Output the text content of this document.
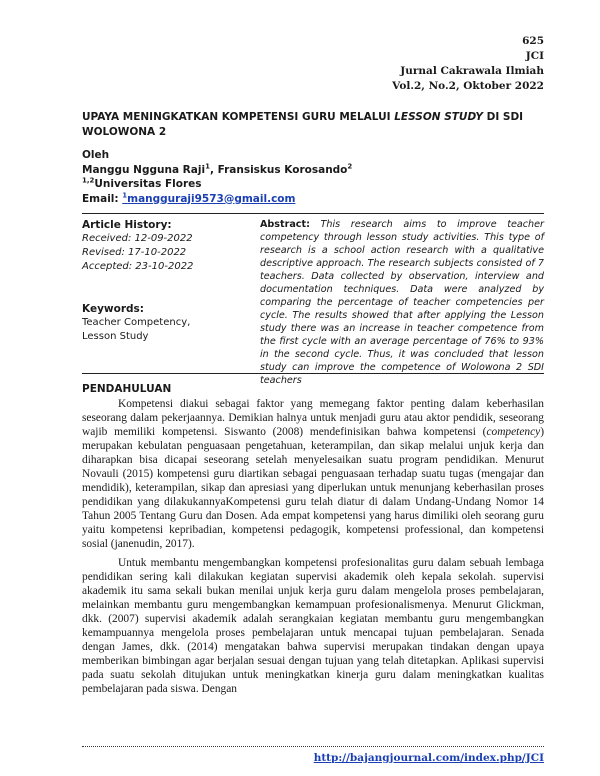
625
JCI
Jurnal Cakrawala Ilmiah
Vol.2, No.2, Oktober 2022
UPAYA MENINGKATKAN KOMPETENSI GURU MELALUI LESSON STUDY DI SDI WOLOWONA 2
Oleh
Manggu Ngguna Raji$^1$, Fransiskus Korosando$^2$
$^{1,2}$Universitas Flores
Email: $^1$mangguraji9573@gmail.com
Article History:
Received: 12-09-2022
Revised: 17-10-2022
Accepted: 23-10-2022
Keywords:
Teacher Competency,
Lesson Study
Abstract: This research aims to improve teacher competency through lesson study activities. This type of research is a school action research with a qualitative descriptive approach. The research subjects consisted of 7 teachers. Data collected by observation, interview and documentation techniques. Data were analyzed by comparing the percentage of teacher competencies per cycle. The results showed that after applying the Lesson study there was an increase in teacher competence from the first cycle with an average percentage of 76% to 93% in the second cycle. Thus, it was concluded that lesson study can improve the competence of Wolowona 2 SDI teachers
PENDAHULUAN

Kompetensi diakui sebagai faktor yang memegang faktor penting dalam keberhasilan seseorang dalam pekerjaannya. Demikian halnya untuk menjadi guru atau aktor pendidik, seseorang wajib memiliki kompetensi. Siswanto (2008) mendefinisikan bahwa kompetensi (competency) merupakan kebulatan penguasaan pengetahuan, keterampilan, dan sikap melalui unjuk kerja dan diharapkan bisa dicapai seseorang setelah menyelesaikan suatu program pendidikan. Menurut Novauli (2015) kompetensi guru diartikan sebagai penguasaan terhadap suatu tugas (mengajar dan mendidik), keterampilan, sikap dan apresiasi yang diperlukan untuk menunjang keberhasilan proses pendidikan yang dilakukannyaKompetensi guru telah diatur di dalam Undang-Undang Nomor 14 Tahun 2005 Tentang Guru dan Dosen. Ada empat kompetensi yang harus dimiliki oleh seorang guru yaitu kompetensi kepribadian, kompetensi pedagogik, kompetensi professional, dan kompetensi sosial (janenudin, 2017).

Untuk membantu mengembangkan kompetensi profesionalitas guru dalam sebuah lembaga pendidikan sering kali dilakukan kegiatan supervisi akademik oleh kepala sekolah. supervisi akademik itu sama sekali bukan menilai unjuk kerja guru dalam mengelola proses pembelajaran, melainkan membantu guru mengembangkan kemampuan profesionalismenya. Menurut Glickman, dkk. (2007) supervisi akademik adalah serangkaian kegiatan membantu guru mengembangkan kemampuannya mengelola proses pembelajaran untuk mencapai tujuan pembelajaran. Senada dengan James, dkk. (2014) mengatakan bahwa supervisi merupakan tindakan dengan upaya memberikan bimbingan agar berjalan sesuai dengan tujuan yang telah ditetapkan. Aplikasi supervisi pada suatu sekolah ditujukan untuk meningkatkan kinerja guru dalam meningkatkan kualitas pembelajaran pada siswa. Dengan

http://bajangjournal.com/index.php/JCI
